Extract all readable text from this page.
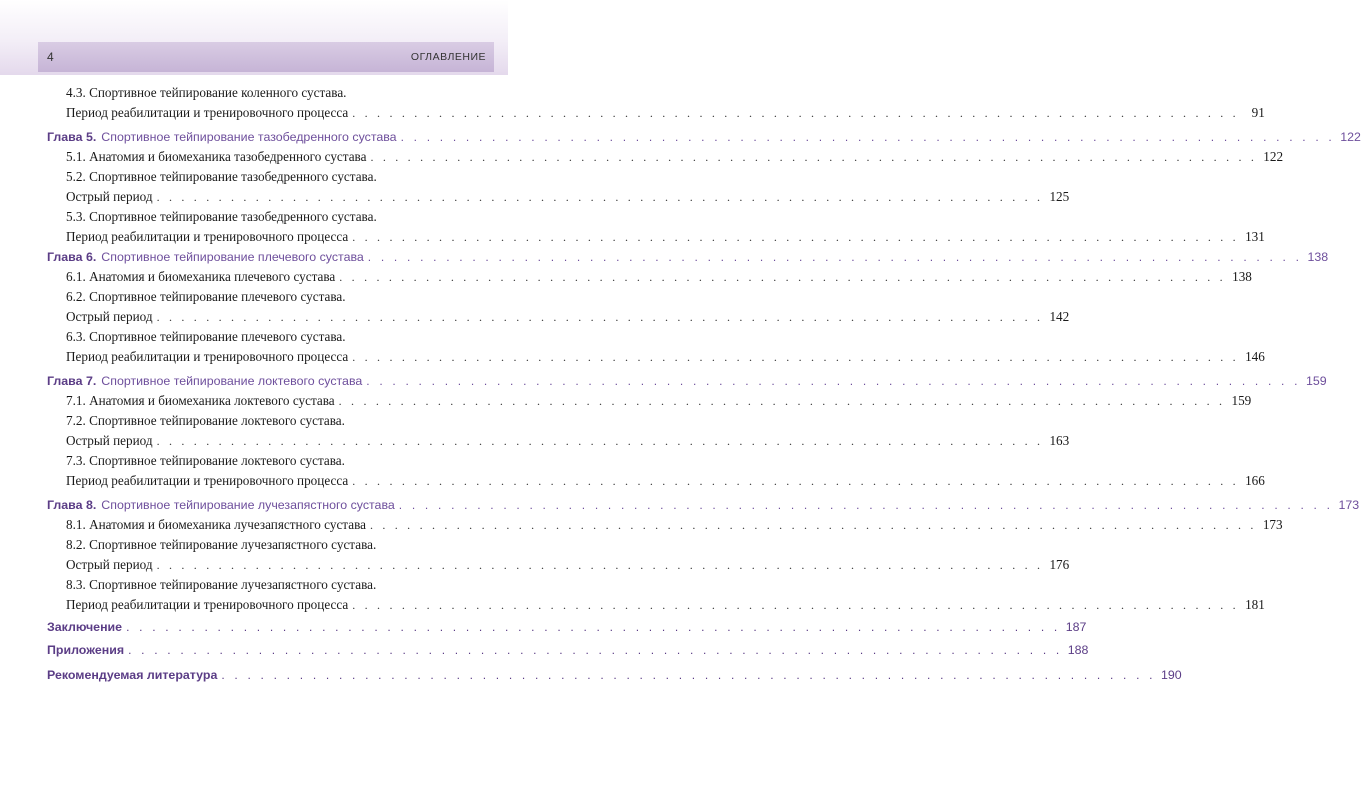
4	ОГЛАВЛЕНИЕ
4.3. Спортивное тейпирование коленного сустава.
Период реабилитации и тренировочного процесса . . . . . . . . . . . . . . . . . . . . . . . . . . . . . . . . . . . . . . . . . . . . . . . . . . . . . . . . . . . . . . . . . . . . . . . . 91
Глава 5. Спортивное тейпирование тазобедренного сустава . . . . . . . . . . . . . . . . . . . . . . . . . . . . . . . . . . . . . . . . . . . . . . . . . . . . . . . . . . . . . . . . . . . . . . . . 122
5.1. Анатомия и биомеханика тазобедренного сустава . . . . . . . . . . . . . . . . . . . . . . . . . . . . . . . . . . . . . . . . . . . . . . . . . . . . . . . . . . . . . . . . . . . . . . . . 122
5.2. Спортивное тейпирование тазобедренного сустава.
Острый период . . . . . . . . . . . . . . . . . . . . . . . . . . . . . . . . . . . . . . . . . . . . . . . . . . . . . . . . . . . . . . . . . . . . . . . . 125
5.3. Спортивное тейпирование тазобедренного сустава.
Период реабилитации и тренировочного процесса . . . . . . . . . . . . . . . . . . . . . . . . . . . . . . . . . . . . . . . . . . . . . . . . . . . . . . . . . . . . . . . . . . . . . . . . 131
Глава 6. Спортивное тейпирование плечевого сустава . . . . . . . . . . . . . . . . . . . . . . . . . . . . . . . . . . . . . . . . . . . . . . . . . . . . . . . . . . . . . . . . . . . . . . . . 138
6.1. Анатомия и биомеханика плечевого сустава . . . . . . . . . . . . . . . . . . . . . . . . . . . . . . . . . . . . . . . . . . . . . . . . . . . . . . . . . . . . . . . . . . . . . . . . 138
6.2. Спортивное тейпирование плечевого сустава.
Острый период . . . . . . . . . . . . . . . . . . . . . . . . . . . . . . . . . . . . . . . . . . . . . . . . . . . . . . . . . . . . . . . . . . . . . . . . 142
6.3. Спортивное тейпирование плечевого сустава.
Период реабилитации и тренировочного процесса . . . . . . . . . . . . . . . . . . . . . . . . . . . . . . . . . . . . . . . . . . . . . . . . . . . . . . . . . . . . . . . . . . . . . . . . 146
Глава 7. Спортивное тейпирование локтевого сустава . . . . . . . . . . . . . . . . . . . . . . . . . . . . . . . . . . . . . . . . . . . . . . . . . . . . . . . . . . . . . . . . . . . . . . . . 159
7.1. Анатомия и биомеханика локтевого сустава . . . . . . . . . . . . . . . . . . . . . . . . . . . . . . . . . . . . . . . . . . . . . . . . . . . . . . . . . . . . . . . . . . . . . . . . 159
7.2. Спортивное тейпирование локтевого сустава.
Острый период . . . . . . . . . . . . . . . . . . . . . . . . . . . . . . . . . . . . . . . . . . . . . . . . . . . . . . . . . . . . . . . . . . . . . . . . 163
7.3. Спортивное тейпирование локтевого сустава.
Период реабилитации и тренировочного процесса . . . . . . . . . . . . . . . . . . . . . . . . . . . . . . . . . . . . . . . . . . . . . . . . . . . . . . . . . . . . . . . . . . . . . . . . 166
Глава 8. Спортивное тейпирование лучезапястного сустава . . . . . . . . . . . . . . . . . . . . . . . . . . . . . . . . . . . . . . . . . . . . . . . . . . . . . . . . . . . . . . . . . . . . . . . . 173
8.1. Анатомия и биомеханика лучезапястного сустава . . . . . . . . . . . . . . . . . . . . . . . . . . . . . . . . . . . . . . . . . . . . . . . . . . . . . . . . . . . . . . . . . . . . . . . . 173
8.2. Спортивное тейпирование лучезапястного сустава.
Острый период . . . . . . . . . . . . . . . . . . . . . . . . . . . . . . . . . . . . . . . . . . . . . . . . . . . . . . . . . . . . . . . . . . . . . . . . 176
8.3. Спортивное тейпирование лучезапястного сустава.
Период реабилитации и тренировочного процесса . . . . . . . . . . . . . . . . . . . . . . . . . . . . . . . . . . . . . . . . . . . . . . . . . . . . . . . . . . . . . . . . . . . . . . . . 181
Заключение . . . . . . . . . . . . . . . . . . . . . . . . . . . . . . . . . . . . . . . . . . . . . . . . . . . . . . . . . . . . . . . . . . . . . . . . 187
Приложения . . . . . . . . . . . . . . . . . . . . . . . . . . . . . . . . . . . . . . . . . . . . . . . . . . . . . . . . . . . . . . . . . . . . . . . . 188
Рекомендуемая литература . . . . . . . . . . . . . . . . . . . . . . . . . . . . . . . . . . . . . . . . . . . . . . . . . . . . . . . . . . . . . . . . . . . . . . . . 190
